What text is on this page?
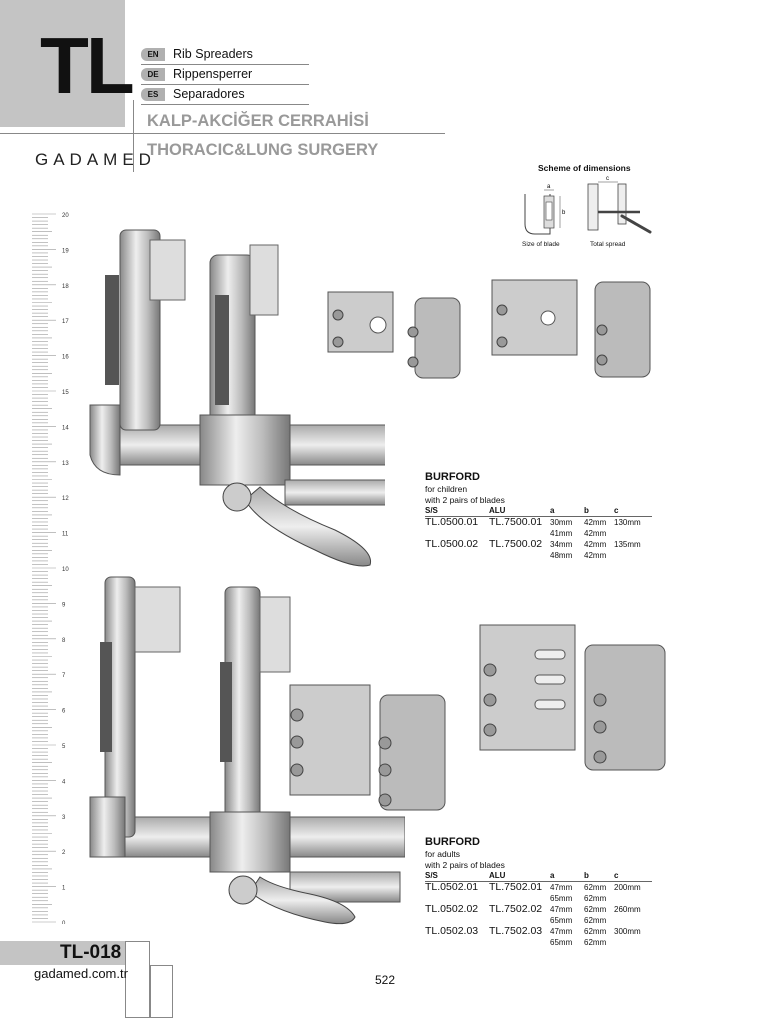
TL	EN	Rib Spreaders
DE	Rippensperrer
ES	Separadores
KALP-AKCİĞER CERRAHİSİ
THORACIC&LUNG SURGERY
GADAMED	Scheme of dimensions
a
b
c
Size of blade	Total spread
20
19
18
17
16
15
14
13
12
11
10
9
8
7
6
5
4
3
2
1
0
BURFORD
for children
with 2 pairs of blades
S/S	ALU	a	b	c
TL.0500.01	TL.7500.01	30mm	42mm	130mm
		41mm	42mm	
TL.0500.02	TL.7500.02	34mm	42mm	135mm
		48mm	42mm	
BURFORD
for adults
with 2 pairs of blades
S/S	ALU	a	b	c
TL.0502.01	TL.7502.01	47mm	62mm	200mm
		65mm	62mm	
TL.0502.02	TL.7502.02	47mm	62mm	260mm
		65mm	62mm	
TL.0502.03	TL.7502.03	47mm	62mm	300mm
		65mm	62mm	
TL-018
gadamed.com.tr	522
